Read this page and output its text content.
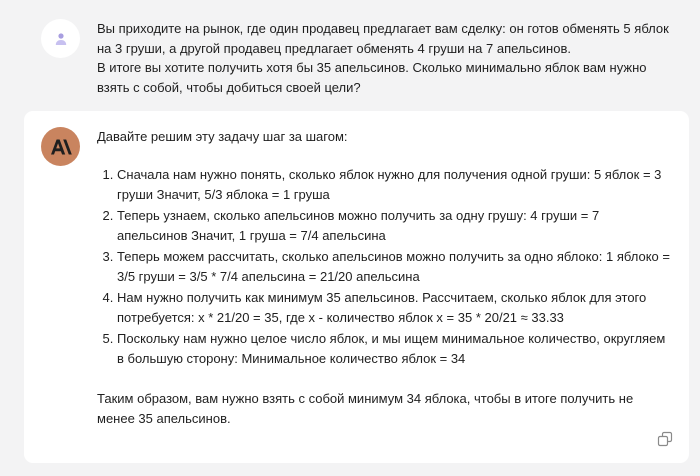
Вы приходите на рынок, где один продавец предлагает вам сделку: он готов обменять 5 яблок на 3 груши, а другой продавец предлагает обменять 4 груши на 7 апельсинов.

В итоге вы хотите получить хотя бы 35 апельсинов. Сколько минимально яблок вам нужно взять с собой, чтобы добиться своей цели?

Давайте решим эту задачу шаг за шагом:

1. Сначала нам нужно понять, сколько яблок нужно для получения одной груши: 5 яблок = 3 груши Значит, 5/3 яблока = 1 груша
2. Теперь узнаем, сколько апельсинов можно получить за одну грушу: 4 груши = 7 апельсинов Значит, 1 груша = 7/4 апельсина
3. Теперь можем рассчитать, сколько апельсинов можно получить за одно яблоко: 1 яблоко = 3/5 груши = 3/5 * 7/4 апельсина = 21/20 апельсина
4. Нам нужно получить как минимум 35 апельсинов. Рассчитаем, сколько яблок для этого потребуется: x * 21/20 = 35, где x - количество яблок x = 35 * 20/21 ≈ 33.33
5. Поскольку нам нужно целое число яблок, и мы ищем минимальное количество, округляем в большую сторону: Минимальное количество яблок = 34

Таким образом, вам нужно взять с собой минимум 34 яблока, чтобы в итоге получить не менее 35 апельсинов.
